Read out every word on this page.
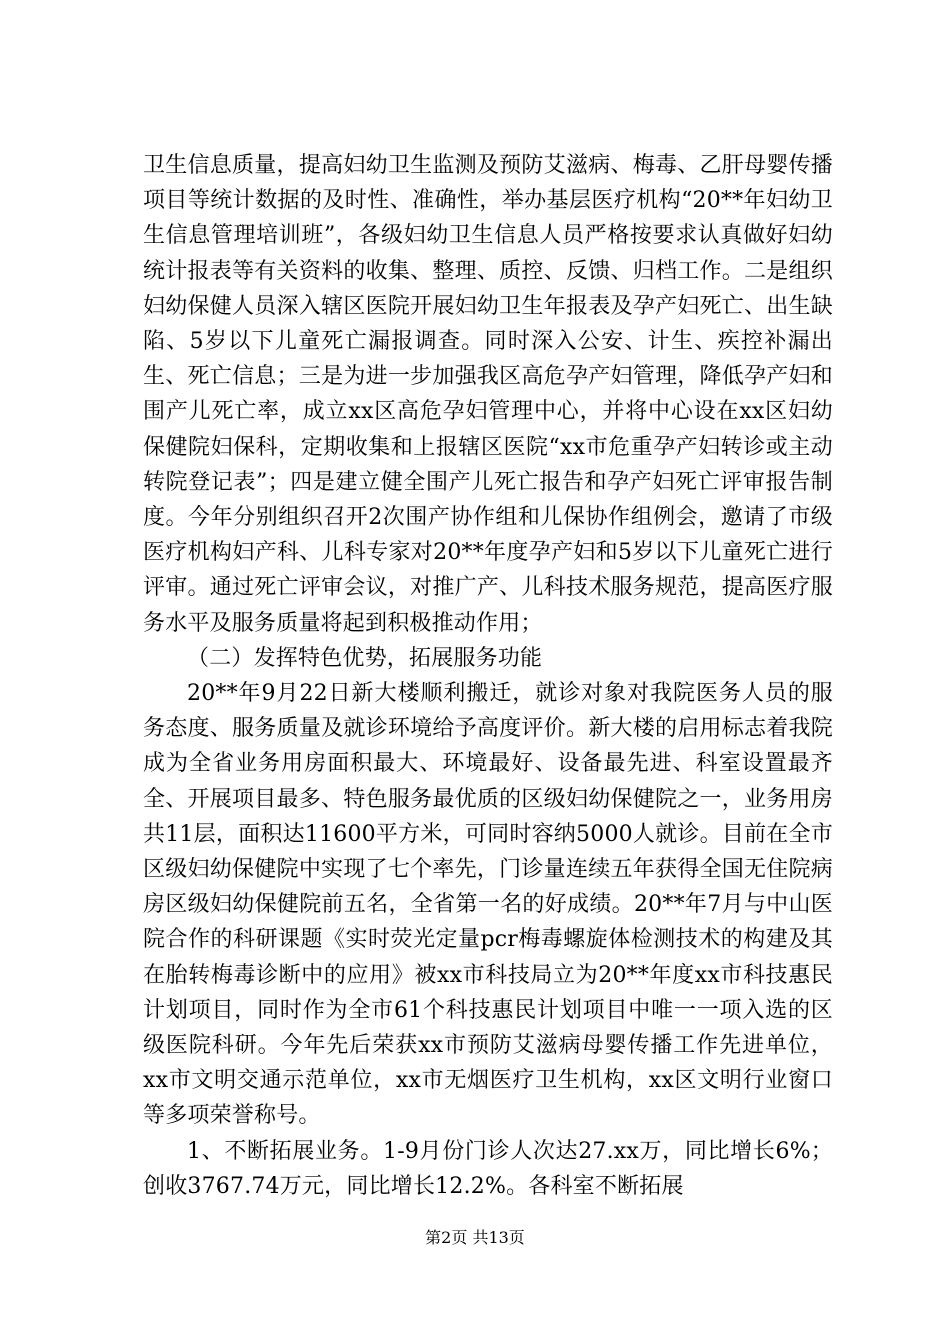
卫生信息质量，提高妇幼卫生监测及预防艾滋病、梅毒、乙肝母婴传播项目等统计数据的及时性、准确性，举办基层医疗机构“20**年妇幼卫生信息管理培训班”，各级妇幼卫生信息人员严格按要求认真做好妇幼统计报表等有关资料的收集、整理、质控、反馈、归档工作。二是组织妇幼保健人员深入辖区医院开展妇幼卫生年报表及孕产妇死亡、出生缺陷、5岁以下儿童死亡漏报调查。同时深入公安、计生、疾控补漏出生、死亡信息；三是为进一步加强我区高危孕产妇管理，降低孕产妇和围产儿死亡率，成立xx区高危孕妇管理中心，并将中心设在xx区妇幼保健院妇保科，定期收集和上报辖区医院“xx市危重孕产妇转诊或主动转院登记表”；四是建立健全围产儿死亡报告和孕产妇死亡评审报告制度。今年分别组织召开2次围产协作组和儿保协作组例会，邀请了市级医疗机构妇产科、儿科专家对20**年度孕产妇和5岁以下儿童死亡进行评审。通过死亡评审会议，对推广产、儿科技术服务规范，提高医疗服务水平及服务质量将起到积极推动作用；

（二）发挥特色优势，拓展服务功能

20**年9月22日新大楼顺利搬迁，就诊对象对我院医务人员的服务态度、服务质量及就诊环境给予高度评价。新大楼的启用标志着我院成为全省业务用房面积最大、环境最好、设备最先进、科室设置最齐全、开展项目最多、特色服务最优质的区级妇幼保健院之一，业务用房共11层，面积达11600平方米，可同时容纳5000人就诊。目前在全市区级妇幼保健院中实现了七个率先，门诊量连续五年获得全国无住院病房区级妇幼保健院前五名，全省第一名的好成绩。20**年7月与中山医院合作的科研课题《实时荧光定量pcr梅毒螺旋体检测技术的构建及其在胎转梅毒诊断中的应用》被xx市科技局立为20**年度xx市科技惠民计划项目，同时作为全市61个科技惠民计划项目中唯一一项入选的区级医院科研。今年先后荣获xx市预防艾滋病母婴传播工作先进单位，xx市文明交通示范单位，xx市无烟医疗卫生机构，xx区文明行业窗口等多项荣誉称号。

1、不断拓展业务。1-9月份门诊人次达27.xx万，同比增长6%；创收3767.74万元，同比增长12.2%。各科室不断拓展

第2页 共13页
